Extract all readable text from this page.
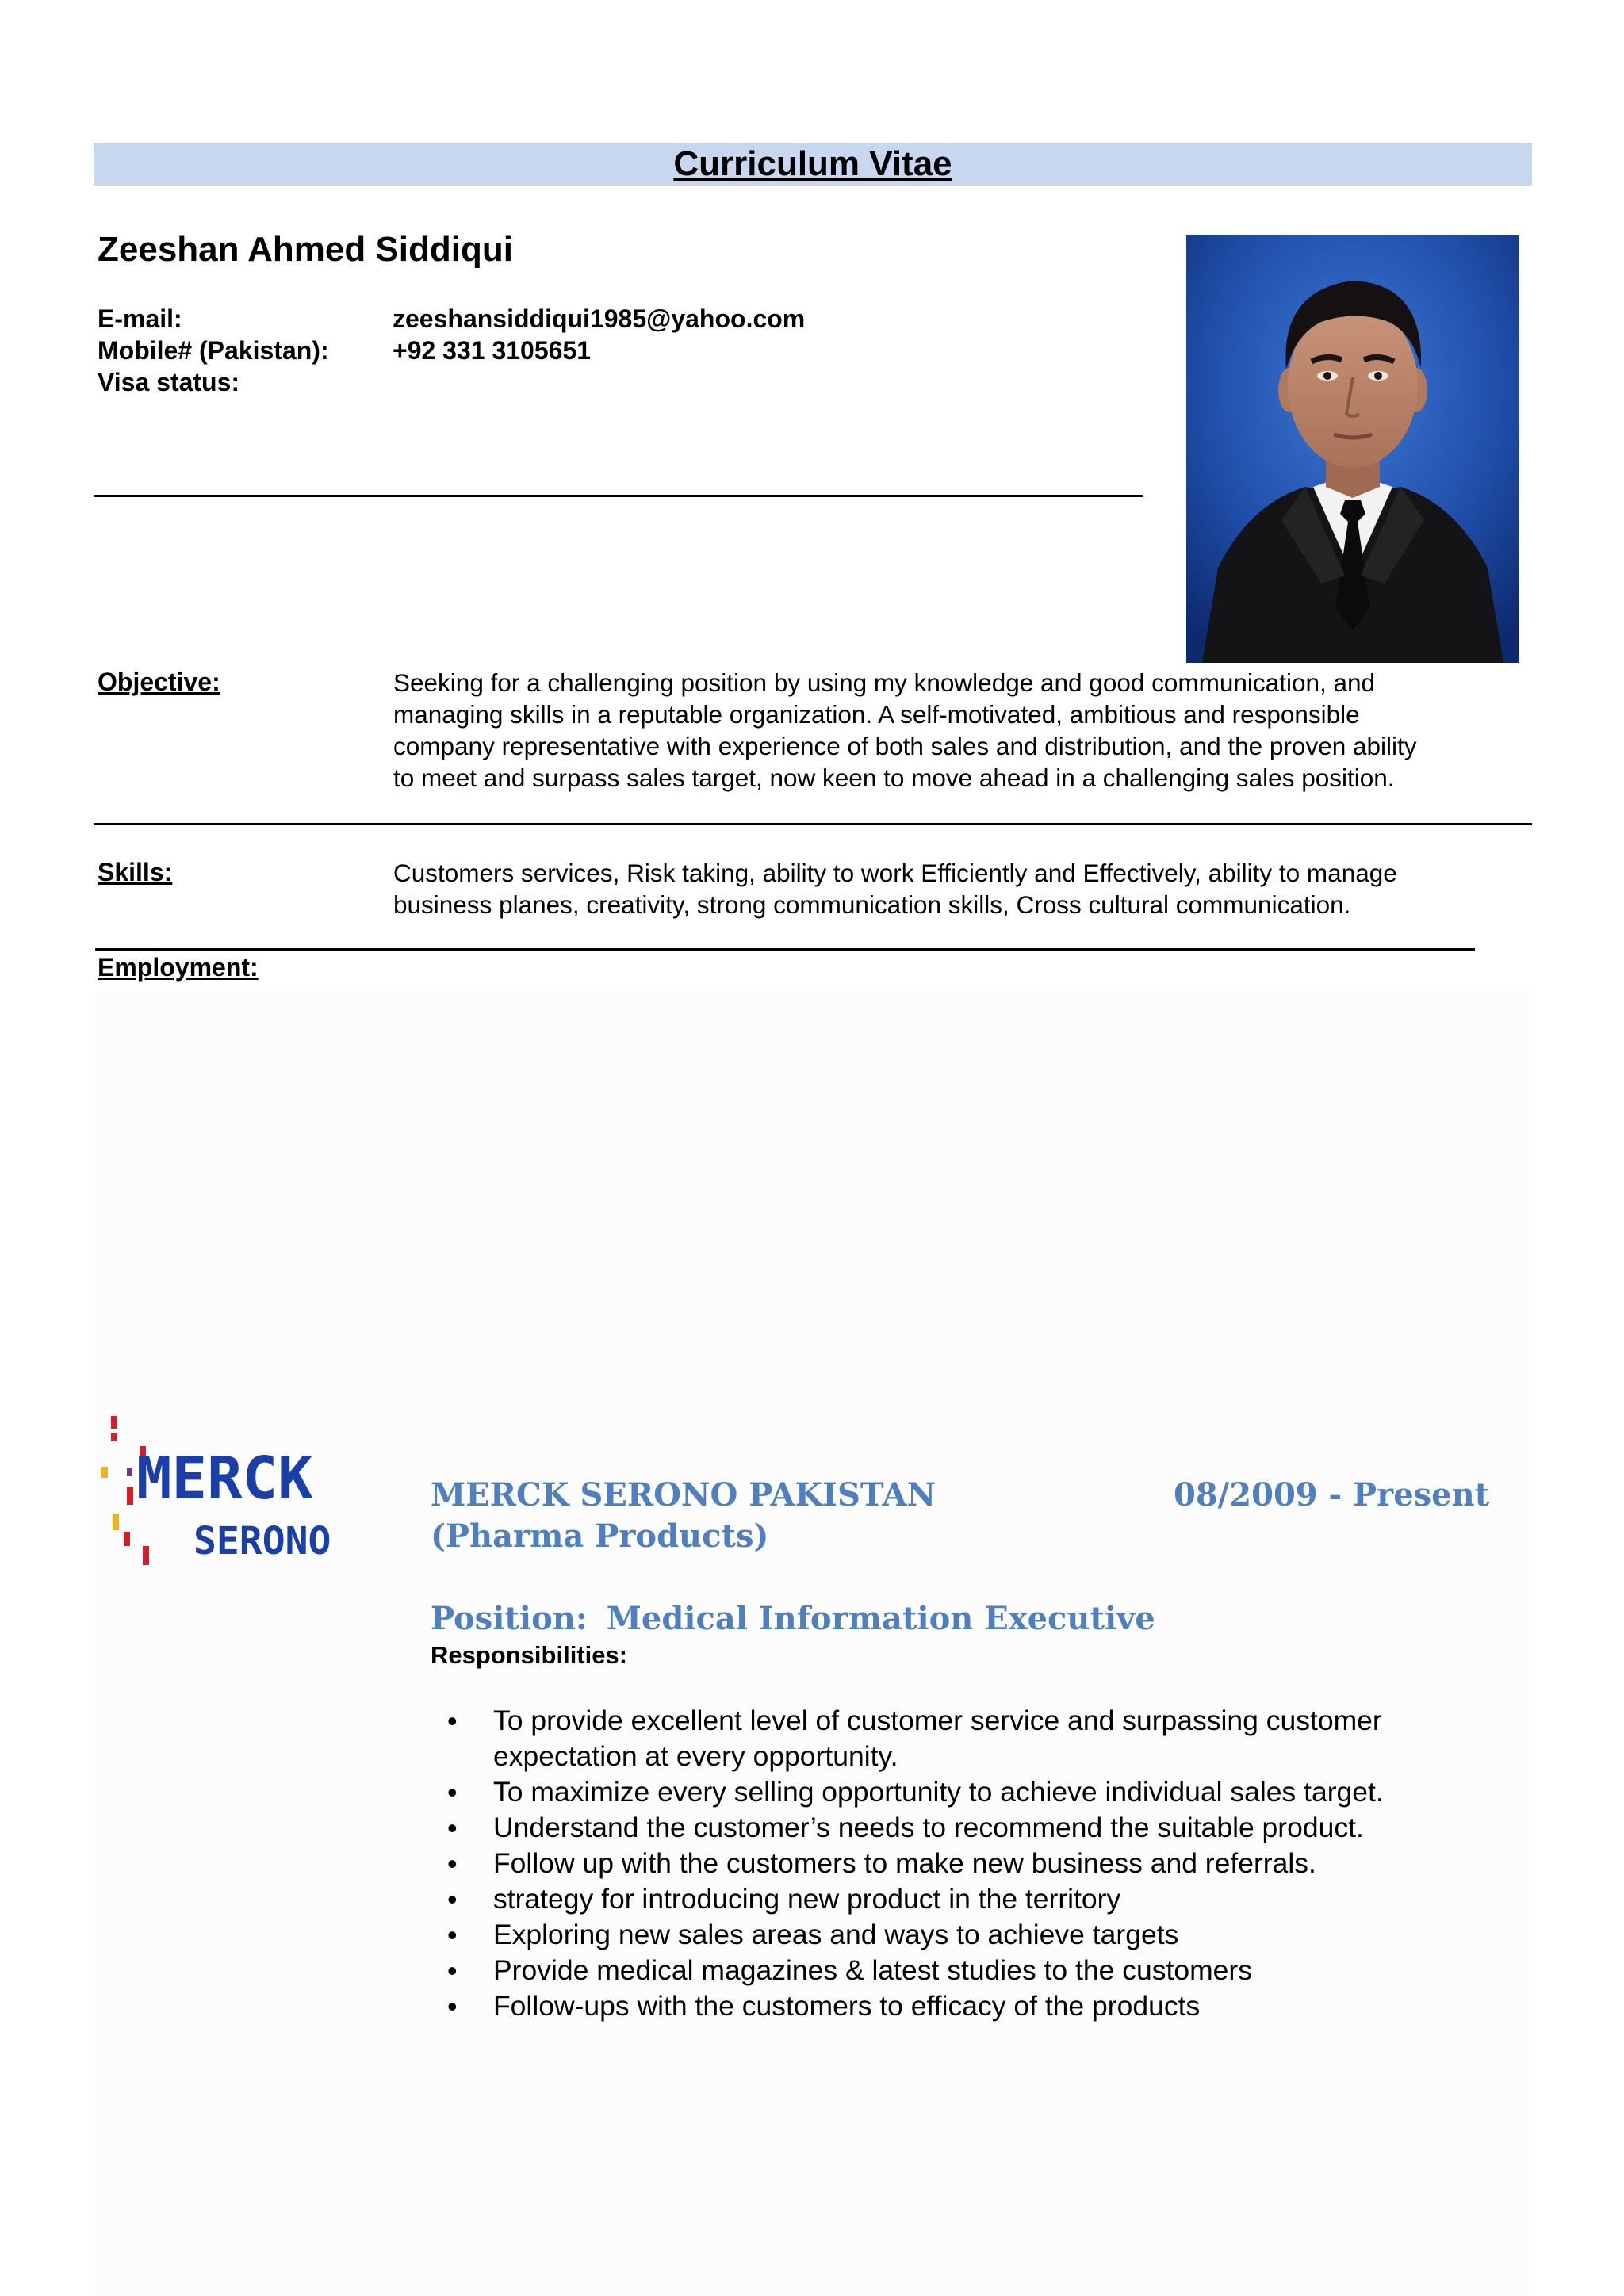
Curriculum Vitae
Zeeshan Ahmed Siddiqui
E-mail:	zeeshansiddiqui1985@yahoo.com
Mobile# (Pakistan):	+92 331 3105651
Visa status:
Objective:	Seeking for a challenging position by using my knowledge and good communication, and
managing skills in a reputable organization. A self-motivated, ambitious and responsible
company representative with experience of both sales and distribution, and the proven ability
to meet and surpass sales target, now keen to move ahead in a challenging sales position.
Skills:	Customers services, Risk taking, ability to work Efficiently and Effectively, ability to manage
business planes, creativity, strong communication skills, Cross cultural communication.
Employment:
MERCK
SERONO
MERCK SERONO PAKISTAN
(Pharma Products)
08/2009 - Present
Position: Medical Information Executive
Responsibilities:
• To provide excellent level of customer service and surpassing customer expectation at every opportunity.
• To maximize every selling opportunity to achieve individual sales target.
• Understand the customer’s needs to recommend the suitable product.
• Follow up with the customers to make new business and referrals.
• strategy for introducing new product in the territory
• Exploring new sales areas and ways to achieve targets
• Provide medical magazines & latest studies to the customers
• Follow-ups with the customers to efficacy of the products
